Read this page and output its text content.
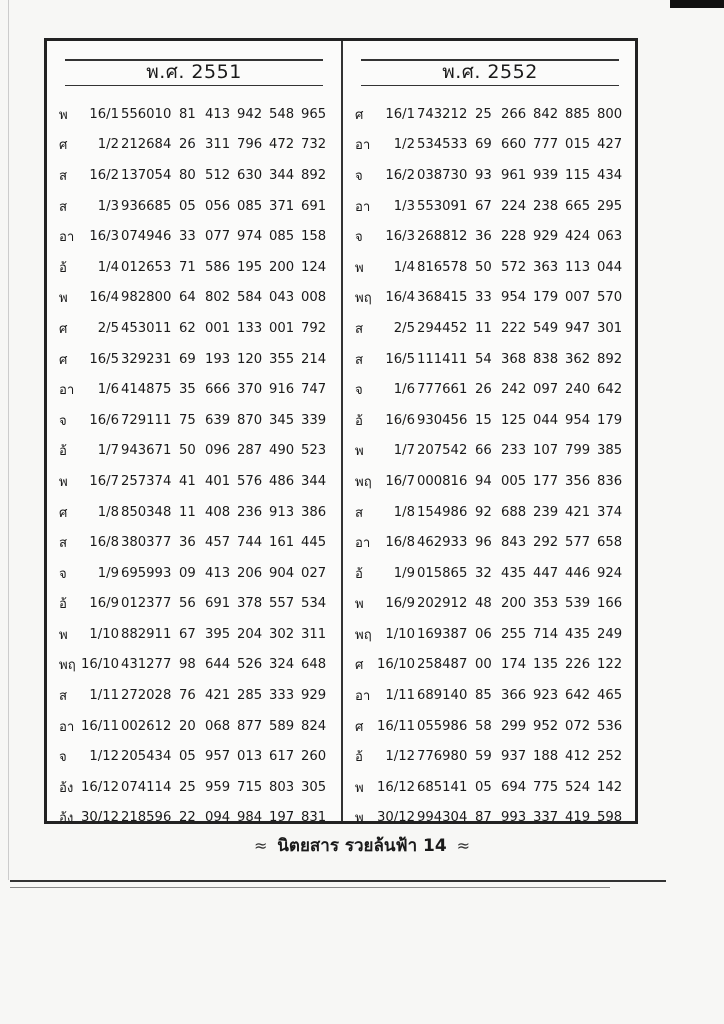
พ.ศ. 2551
พ	16/1 556010 81 413 942 548 965
ศ	1/2 212684 26 311 796 472 732
ส	16/2 137054 80 512 630 344 892
ส	1/3 936685 05 056 085 371 691
อา	16/3 074946 33 077 974 085 158
อ้	1/4 012653 71 586 195 200 124
พ	16/4 982800 64 802 584 043 008
ศ	2/5 453011 62 001 133 001 792
ศ	16/5 329231 69 193 120 355 214
อา	1/6 414875 35 666 370 916 747
จ	16/6 729111 75 639 870 345 339
อ้	1/7 943671 50 096 287 490 523
พ	16/7 257374 41 401 576 486 344
ศ	1/8 850348 11 408 236 913 386
ส	16/8 380377 36 457 744 161 445
จ	1/9 695993 09 413 206 904 027
อ้	16/9 012377 56 691 378 557 534
พ	1/10 882911 67 395 204 302 311
พฤ 16/10 431277 98 644 526 324 648
ส	1/11 272028 76 421 285 333 929
อา 16/11 002612 20 068 877 589 824
จ	1/12 205434 05 957 013 617 260
อ้ง 16/12 074114 25 959 715 803 305
อ้ง 30/12 218596 22 094 984 197 831
พ.ศ. 2552
ศ	16/1 743212 25 266 842 885 800
อา	1/2 534533 69 660 777 015 427
จ	16/2 038730 93 961 939 115 434
อา	1/3 553091 67 224 238 665 295
จ	16/3 268812 36 228 929 424 063
พ	1/4 816578 50 572 363 113 044
พฤ	16/4 368415 33 954 179 007 570
ส	2/5 294452 11 222 549 947 301
ส	16/5 111411 54 368 838 362 892
จ	1/6 777661 26 242 097 240 642
อ้	16/6 930456 15 125 044 954 179
พ	1/7 207542 66 233 107 799 385
พฤ	16/7 000816 94 005 177 356 836
ส	1/8 154986 92 688 239 421 374
อา	16/8 462933 96 843 292 577 658
อ้	1/9 015865 32 435 447 446 924
พ	16/9 202912 48 200 353 539 166
พฤ	1/10 169387 06 255 714 435 249
ศ	16/10 258487 00 174 135 226 122
อา	1/11 689140 85 366 923 642 465
ศ	16/11 055986 58 299 952 072 536
อ้	1/12 776980 59 937 188 412 252
พ	16/12 685141 05 694 775 524 142
พ	30/12 994304 87 993 337 419 598
≈ นิตยสาร รวยล้นฟ้า 14 ≈
